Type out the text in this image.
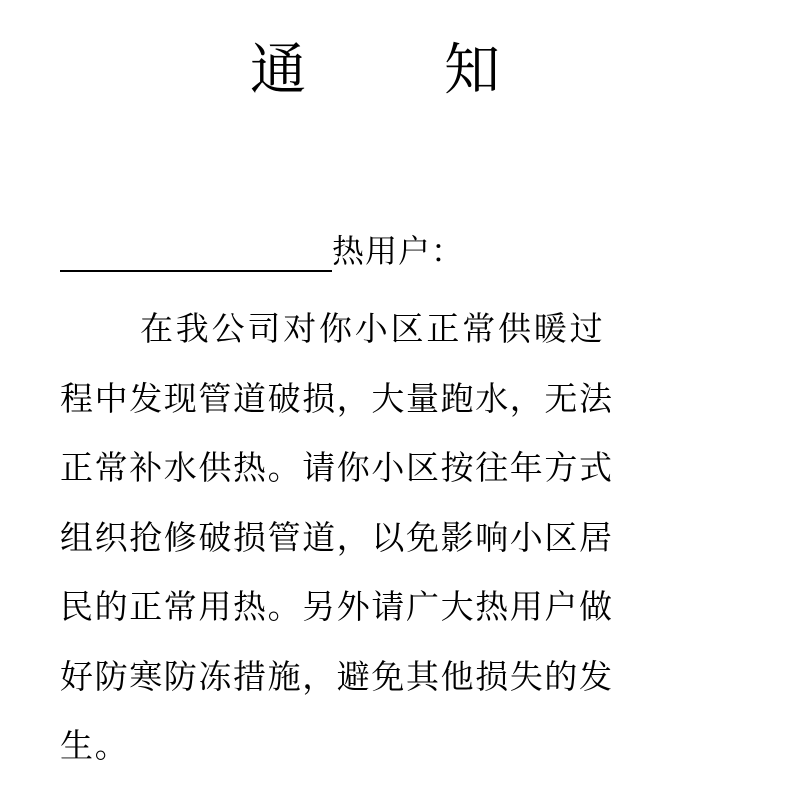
通 知
热用户：
在我公司对你小区正常供暖过
程中发现管道破损，大量跑水，无法
正常补水供热。请你小区按往年方式
组织抢修破损管道，以免影响小区居
民的正常用热。另外请广大热用户做
好防寒防冻措施，避免其他损失的发
生。
